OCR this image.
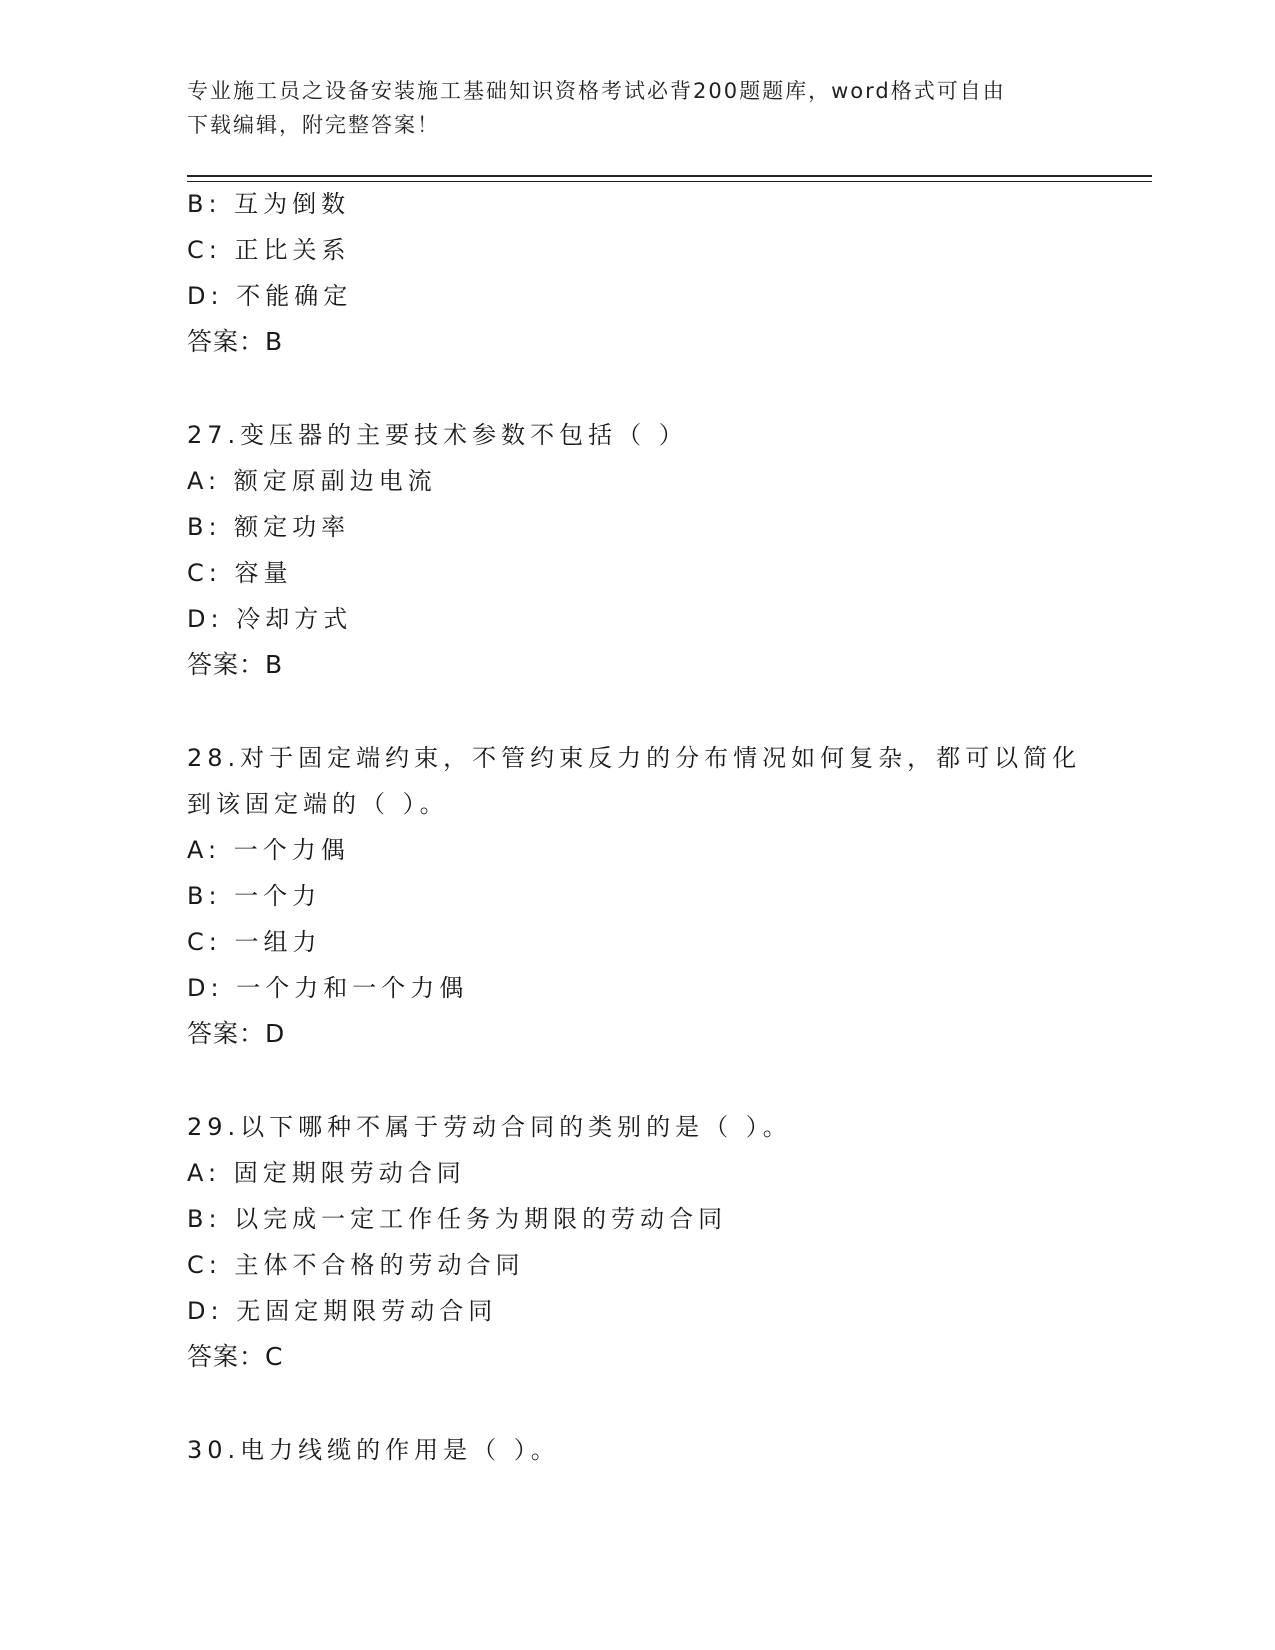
专业施工员之设备安装施工基础知识资格考试必背200题题库，word格式可自由
下载编辑，附完整答案！
B: 互为倒数
C: 正比关系
D: 不能确定
答案：B
27.变压器的主要技术参数不包括（ ）
A: 额定原副边电流
B: 额定功率
C: 容量
D: 冷却方式
答案：B
28.对于固定端约束，不管约束反力的分布情况如何复杂，都可以简化
到该固定端的（ ）。
A: 一个力偶
B: 一个力
C: 一组力
D: 一个力和一个力偶
答案：D
29.以下哪种不属于劳动合同的类别的是（ ）。
A: 固定期限劳动合同
B: 以完成一定工作任务为期限的劳动合同
C: 主体不合格的劳动合同
D: 无固定期限劳动合同
答案：C
30.电力线缆的作用是（ ）。
